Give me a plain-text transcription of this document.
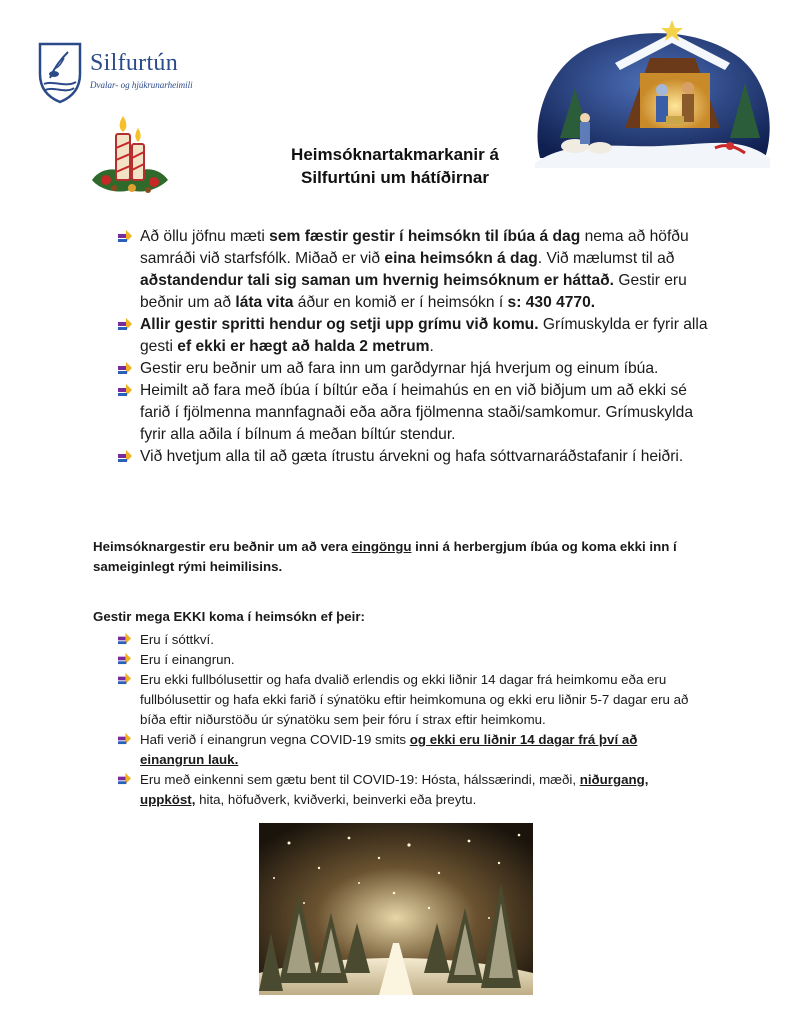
Silfurtún
Dvalar- og hjúkrunarheimili
Heimsóknartakmarkanir á
Silfurtúni um hátíðirnar
Að öllu jöfnu mæti sem fæstir gestir í heimsókn til íbúa á dag nema að höfðu samráði við starfsfólk. Miðað er við eina heimsókn á dag. Við mælumst til að aðstandendur tali sig saman um hvernig heimsóknum er háttað. Gestir eru beðnir um að láta vita áður en komið er í heimsókn í s: 430 4770.
Allir gestir spritti hendur og setji upp grímu við komu. Grímuskylda er fyrir alla gesti ef ekki er hægt að halda 2 metrum.
Gestir eru beðnir um að fara inn um garðdyrnar hjá hverjum og einum íbúa.
Heimilt að fara með íbúa í bíltúr eða í heimahús en en við biðjum um að ekki sé farið í fjölmenna mannfagnaði eða aðra fjölmenna staði/samkomur. Grímuskylda fyrir alla aðila í bílnum á meðan bíltúr stendur.
Við hvetjum alla til að gæta ítrustu árvekni og hafa sóttvarnaráðstafanir í heiðri.
Heimsóknargestir eru beðnir um að vera eingöngu inni á herbergjum íbúa og koma ekki inn í sameiginlegt rými heimilisins.
Gestir mega EKKI koma í heimsókn ef þeir:
Eru í sóttkví.
Eru í einangrun.
Eru ekki fullbólusettir og hafa dvalið erlendis og ekki liðnir 14 dagar frá heimkomu eða eru fullbólusettir og hafa ekki farið í sýnatöku eftir heimkomuna og ekki eru liðnir 5-7 dagar eru að bíða eftir niðurstöðu úr sýnatöku sem þeir fóru í strax eftir heimkomu.
Hafi verið í einangrun vegna COVID-19 smits og ekki eru liðnir 14 dagar frá því að einangrun lauk.
Eru með einkenni sem gætu bent til COVID-19: Hósta, hálssærindi, mæði, niðurgang, uppköst, hita, höfuðverk, kviðverki, beinverki eða þreytu.
